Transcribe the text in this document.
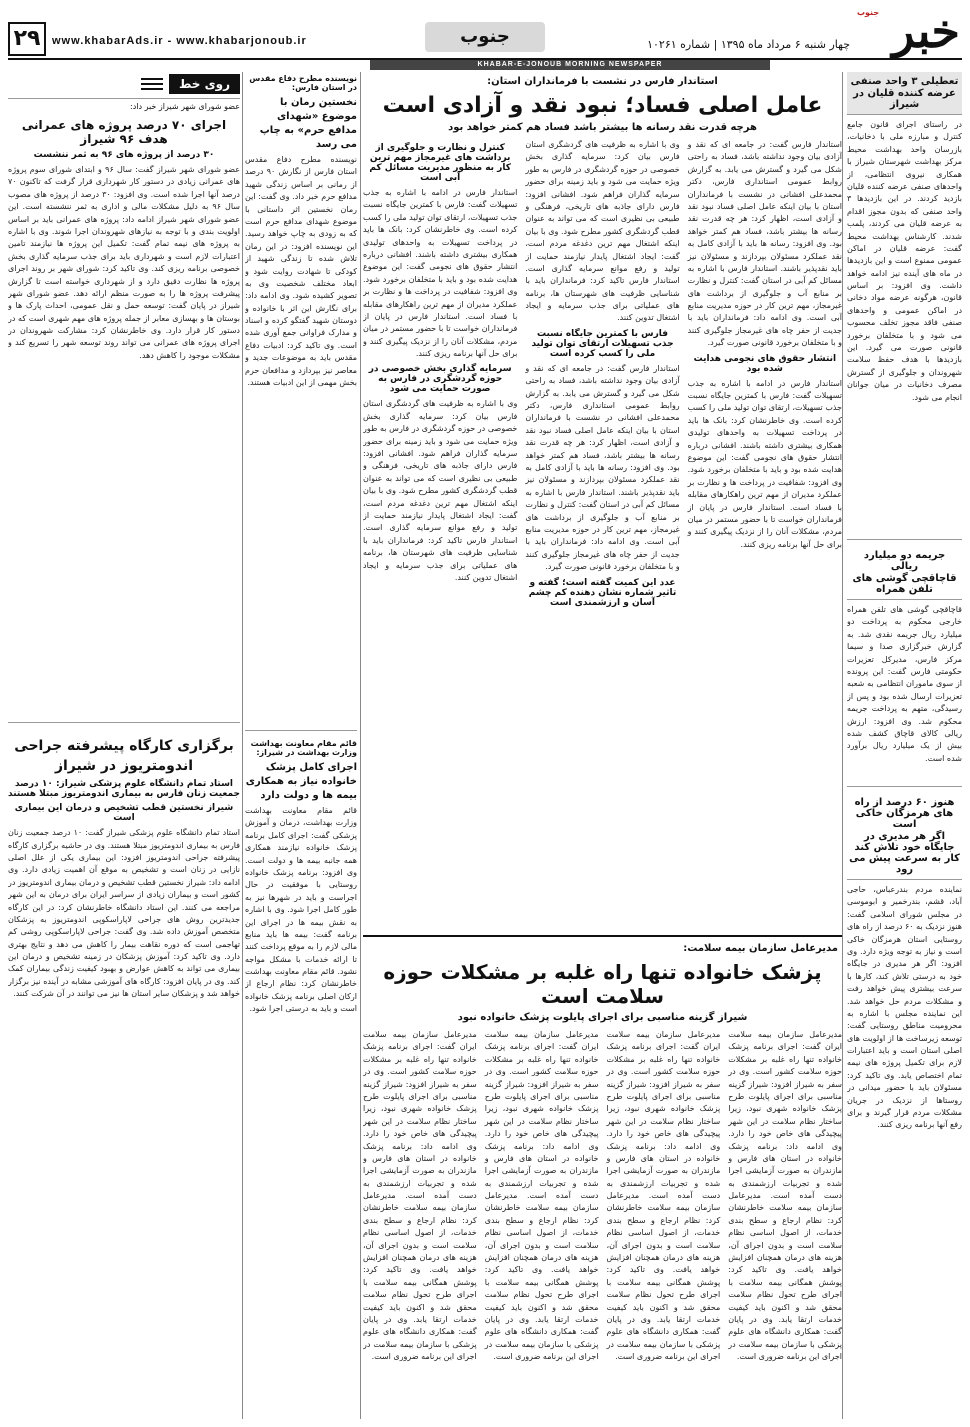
۲۹	www.khabarAds.ir - www.khabarjonoub.ir	جنوب	چهار شنبه ۶ مرداد ماه ۱۳۹۵ | شماره ۱۰۲۶۱ خبر
جنوب
KHABAR-E-JONOUB MORNING NEWSPAPER
تعطیلی ۳ واحد صنفی
عرضه کننده قلیان در شیراز
در راستای اجرای قانون جامع کنترل و مبارزه ملی با دخانیات، بازرسان واحد بهداشت محیط مرکز بهداشت شهرستان شیراز با همکاری نیروی انتظامی، از واحدهای صنفی عرضه کننده قلیان بازدید کردند. در این بازدیدها ۳ واحد صنفی که بدون مجوز اقدام به عرضه قلیان می کردند، پلمب شدند. کارشناس بهداشت محیط گفت: عرضه قلیان در اماکن عمومی ممنوع است و این بازدیدها در ماه های آینده نیز ادامه خواهد داشت. وی افزود: بر اساس قانون، هرگونه عرضه مواد دخانی در اماکن عمومی و واحدهای صنفی فاقد مجوز تخلف محسوب می شود و با متخلفان برخورد قانونی صورت می گیرد. این بازدیدها با هدف حفظ سلامت شهروندان و جلوگیری از گسترش مصرف دخانیات در میان جوانان انجام می شود.
جریمه دو میلیارد ریالی
قاچاقچی گوشی های تلفن همراه
قاچاقچی گوشی های تلفن همراه خارجی محکوم به پرداخت دو میلیارد ریال جریمه نقدی شد. به گزارش خبرگزاری صدا و سیما مرکز فارس، مدیرکل تعزیرات حکومتی فارس گفت: این پرونده از سوی ماموران انتظامی به شعبه تعزیرات ارسال شده بود و پس از رسیدگی، متهم به پرداخت جریمه محکوم شد. وی افزود: ارزش ریالی کالای قاچاق کشف شده بیش از یک میلیارد ریال برآورد شده است.
هنوز ۶۰ درصد از راه های هرمزگان خاکی است
اگر هر مدیری در جایگاه خود تلاش کند کار به سرعت پیش می رود
نماینده مردم بندرعباس، حاجی آباد، قشم، بندرخمیر و ابوموسی در مجلس شورای اسلامی گفت: هنوز نزدیک به ۶۰ درصد از راه های روستایی استان هرمزگان خاکی است و نیاز به توجه ویژه دارد. وی افزود: اگر هر مدیری در جایگاه خود به درستی تلاش کند، کارها با سرعت بیشتری پیش خواهد رفت و مشکلات مردم حل خواهد شد. این نماینده مجلس با اشاره به محرومیت مناطق روستایی گفت: توسعه زیرساخت ها از اولویت های اصلی استان است و باید اعتبارات لازم برای تکمیل پروژه های نیمه تمام اختصاص یابد. وی تاکید کرد: مسئولان باید با حضور میدانی در روستاها از نزدیک در جریان مشکلات مردم قرار گیرند و برای رفع آنها برنامه ریزی کنند.
استاندار فارس در نشست با فرمانداران استان:
عامل اصلی فساد؛ نبود نقد و آزادی است
هرچه قدرت نقد رسانه ها بیشتر باشد فساد هم کمتر خواهد بود
استاندار فارس گفت: در جامعه ای که نقد و آزادی بیان وجود نداشته باشد، فساد به راحتی شکل می گیرد و گسترش می یابد. به گزارش روابط عمومی استانداری فارس، دکتر محمدعلی افشانی در نشست با فرمانداران استان با بیان اینکه عامل اصلی فساد نبود نقد و آزادی است، اظهار کرد: هر چه قدرت نقد رسانه ها بیشتر باشد، فساد هم کمتر خواهد بود. وی افزود: رسانه ها باید با آزادی کامل به نقد عملکرد مسئولان بپردازند و مسئولان نیز باید نقدپذیر باشند. استاندار فارس با اشاره به مسائل کم آبی در استان گفت: کنترل و نظارت بر منابع آب و جلوگیری از برداشت های غیرمجاز، مهم ترین کار در حوزه مدیریت منابع آبی است. وی ادامه داد: فرمانداران باید با جدیت از حفر چاه های غیرمجاز جلوگیری کنند و با متخلفان برخورد قانونی صورت گیرد.
انتشار حقوق های نجومی هدایت شده بود
استاندار فارس در ادامه با اشاره به جذب تسهیلات گفت: فارس با کمترین جایگاه نسبت جذب تسهیلات، ارتقای توان تولید ملی را کسب کرده است. وی خاطرنشان کرد: بانک ها باید در پرداخت تسهیلات به واحدهای تولیدی همکاری بیشتری داشته باشند. افشانی درباره انتشار حقوق های نجومی گفت: این موضوع هدایت شده بود و باید با متخلفان برخورد شود. وی افزود: شفافیت در پرداخت ها و نظارت بر عملکرد مدیران از مهم ترین راهکارهای مقابله با فساد است. استاندار فارس در پایان از فرمانداران خواست تا با حضور مستمر در میان مردم، مشکلات آنان را از نزدیک پیگیری کنند و برای حل آنها برنامه ریزی کنند.
وی با اشاره به ظرفیت های گردشگری استان فارس بیان کرد: سرمایه گذاری بخش خصوصی در حوزه گردشگری در فارس به طور ویژه حمایت می شود و باید زمینه برای حضور سرمایه گذاران فراهم شود. افشانی افزود: فارس دارای جاذبه های تاریخی، فرهنگی و طبیعی بی نظیری است که می تواند به عنوان قطب گردشگری کشور مطرح شود. وی با بیان اینکه اشتغال مهم ترین دغدغه مردم است، گفت: ایجاد اشتغال پایدار نیازمند حمایت از تولید و رفع موانع سرمایه گذاری است. استاندار فارس تاکید کرد: فرمانداران باید با شناسایی ظرفیت های شهرستان ها، برنامه های عملیاتی برای جذب سرمایه و ایجاد اشتغال تدوین کنند.
فارس با کمترین جایگاه نسبت جذب تسهیلات ارتقای توان تولید ملی را کسب کرده است
استاندار فارس گفت: در جامعه ای که نقد و آزادی بیان وجود نداشته باشد، فساد به راحتی شکل می گیرد و گسترش می یابد. به گزارش روابط عمومی استانداری فارس، دکتر محمدعلی افشانی در نشست با فرمانداران استان با بیان اینکه عامل اصلی فساد نبود نقد و آزادی است، اظهار کرد: هر چه قدرت نقد رسانه ها بیشتر باشد، فساد هم کمتر خواهد بود. وی افزود: رسانه ها باید با آزادی کامل به نقد عملکرد مسئولان بپردازند و مسئولان نیز باید نقدپذیر باشند. استاندار فارس با اشاره به مسائل کم آبی در استان گفت: کنترل و نظارت بر منابع آب و جلوگیری از برداشت های غیرمجاز، مهم ترین کار در حوزه مدیریت منابع آبی است. وی ادامه داد: فرمانداران باید با جدیت از حفر چاه های غیرمجاز جلوگیری کنند و با متخلفان برخورد قانونی صورت گیرد.
عدد این کمیت گفته است؛ گفته و تاثیر شماره نشان دهنده کم چشم آسان و ارزشمندی است
کنترل و نظارت و جلوگیری از برداشت های غیرمجاز مهم ترین کار به منظور مدیریت مسائل کم آبی است
استاندار فارس در ادامه با اشاره به جذب تسهیلات گفت: فارس با کمترین جایگاه نسبت جذب تسهیلات، ارتقای توان تولید ملی را کسب کرده است. وی خاطرنشان کرد: بانک ها باید در پرداخت تسهیلات به واحدهای تولیدی همکاری بیشتری داشته باشند. افشانی درباره انتشار حقوق های نجومی گفت: این موضوع هدایت شده بود و باید با متخلفان برخورد شود. وی افزود: شفافیت در پرداخت ها و نظارت بر عملکرد مدیران از مهم ترین راهکارهای مقابله با فساد است. استاندار فارس در پایان از فرمانداران خواست تا با حضور مستمر در میان مردم، مشکلات آنان را از نزدیک پیگیری کنند و برای حل آنها برنامه ریزی کنند.
سرمایه گذاری بخش خصوصی در حوزه گردشگری در فارس به صورت حمایت می شود
وی با اشاره به ظرفیت های گردشگری استان فارس بیان کرد: سرمایه گذاری بخش خصوصی در حوزه گردشگری در فارس به طور ویژه حمایت می شود و باید زمینه برای حضور سرمایه گذاران فراهم شود. افشانی افزود: فارس دارای جاذبه های تاریخی، فرهنگی و طبیعی بی نظیری است که می تواند به عنوان قطب گردشگری کشور مطرح شود. وی با بیان اینکه اشتغال مهم ترین دغدغه مردم است، گفت: ایجاد اشتغال پایدار نیازمند حمایت از تولید و رفع موانع سرمایه گذاری است. استاندار فارس تاکید کرد: فرمانداران باید با شناسایی ظرفیت های شهرستان ها، برنامه های عملیاتی برای جذب سرمایه و ایجاد اشتغال تدوین کنند.
مدیرعامل سازمان بیمه سلامت:
پزشک خانواده تنها راه غلبه بر مشکلات حوزه سلامت است
شیراز گزینه مناسبی برای اجرای پایلوت پزشک خانواده نبود
مدیرعامل سازمان بیمه سلامت ایران گفت: اجرای برنامه پزشک خانواده تنها راه غلبه بر مشکلات حوزه سلامت کشور است. وی در سفر به شیراز افزود: شیراز گزینه مناسبی برای اجرای پایلوت طرح پزشک خانواده شهری نبود، زیرا ساختار نظام سلامت در این شهر پیچیدگی های خاص خود را دارد. وی ادامه داد: برنامه پزشک خانواده در استان های فارس و مازندران به صورت آزمایشی اجرا شده و تجربیات ارزشمندی به دست آمده است. مدیرعامل سازمان بیمه سلامت خاطرنشان کرد: نظام ارجاع و سطح بندی خدمات، از اصول اساسی نظام سلامت است و بدون اجرای آن، هزینه های درمان همچنان افزایش خواهد یافت. وی تاکید کرد: پوشش همگانی بیمه سلامت با اجرای طرح تحول نظام سلامت محقق شد و اکنون باید کیفیت خدمات ارتقا یابد. وی در پایان گفت: همکاری دانشگاه های علوم پزشکی با سازمان بیمه سلامت در اجرای این برنامه ضروری است.
مدیرعامل سازمان بیمه سلامت ایران گفت: اجرای برنامه پزشک خانواده تنها راه غلبه بر مشکلات حوزه سلامت کشور است. وی در سفر به شیراز افزود: شیراز گزینه مناسبی برای اجرای پایلوت طرح پزشک خانواده شهری نبود، زیرا ساختار نظام سلامت در این شهر پیچیدگی های خاص خود را دارد. وی ادامه داد: برنامه پزشک خانواده در استان های فارس و مازندران به صورت آزمایشی اجرا شده و تجربیات ارزشمندی به دست آمده است. مدیرعامل سازمان بیمه سلامت خاطرنشان کرد: نظام ارجاع و سطح بندی خدمات، از اصول اساسی نظام سلامت است و بدون اجرای آن، هزینه های درمان همچنان افزایش خواهد یافت. وی تاکید کرد: پوشش همگانی بیمه سلامت با اجرای طرح تحول نظام سلامت محقق شد و اکنون باید کیفیت خدمات ارتقا یابد. وی در پایان گفت: همکاری دانشگاه های علوم پزشکی با سازمان بیمه سلامت در اجرای این برنامه ضروری است.
مدیرعامل سازمان بیمه سلامت ایران گفت: اجرای برنامه پزشک خانواده تنها راه غلبه بر مشکلات حوزه سلامت کشور است. وی در سفر به شیراز افزود: شیراز گزینه مناسبی برای اجرای پایلوت طرح پزشک خانواده شهری نبود، زیرا ساختار نظام سلامت در این شهر پیچیدگی های خاص خود را دارد. وی ادامه داد: برنامه پزشک خانواده در استان های فارس و مازندران به صورت آزمایشی اجرا شده و تجربیات ارزشمندی به دست آمده است. مدیرعامل سازمان بیمه سلامت خاطرنشان کرد: نظام ارجاع و سطح بندی خدمات، از اصول اساسی نظام سلامت است و بدون اجرای آن، هزینه های درمان همچنان افزایش خواهد یافت. وی تاکید کرد: پوشش همگانی بیمه سلامت با اجرای طرح تحول نظام سلامت محقق شد و اکنون باید کیفیت خدمات ارتقا یابد. وی در پایان گفت: همکاری دانشگاه های علوم پزشکی با سازمان بیمه سلامت در اجرای این برنامه ضروری است.
مدیرعامل سازمان بیمه سلامت ایران گفت: اجرای برنامه پزشک خانواده تنها راه غلبه بر مشکلات حوزه سلامت کشور است. وی در سفر به شیراز افزود: شیراز گزینه مناسبی برای اجرای پایلوت طرح پزشک خانواده شهری نبود، زیرا ساختار نظام سلامت در این شهر پیچیدگی های خاص خود را دارد. وی ادامه داد: برنامه پزشک خانواده در استان های فارس و مازندران به صورت آزمایشی اجرا شده و تجربیات ارزشمندی به دست آمده است. مدیرعامل سازمان بیمه سلامت خاطرنشان کرد: نظام ارجاع و سطح بندی خدمات، از اصول اساسی نظام سلامت است و بدون اجرای آن، هزینه های درمان همچنان افزایش خواهد یافت. وی تاکید کرد: پوشش همگانی بیمه سلامت با اجرای طرح تحول نظام سلامت محقق شد و اکنون باید کیفیت خدمات ارتقا یابد. وی در پایان گفت: همکاری دانشگاه های علوم پزشکی با سازمان بیمه سلامت در اجرای این برنامه ضروری است.
نویسنده مطرح دفاع مقدس در استان فارس:
نخستین رمان با موضوع «شهدای مدافع حرم» به چاپ می رسد
نویسنده مطرح دفاع مقدس استان فارس از نگارش ۹۰ درصد از رمانی بر اساس زندگی شهید مدافع حرم خبر داد. وی گفت: این رمان نخستین اثر داستانی با موضوع شهدای مدافع حرم است که به زودی به چاپ خواهد رسید. این نویسنده افزود: در این رمان تلاش شده تا زندگی شهید از کودکی تا شهادت روایت شود و ابعاد مختلف شخصیت وی به تصویر کشیده شود. وی ادامه داد: برای نگارش این اثر با خانواده و دوستان شهید گفتگو کرده و اسناد و مدارک فراوانی جمع آوری شده است. وی تاکید کرد: ادبیات دفاع مقدس باید به موضوعات جدید و معاصر نیز بپردازد و مدافعان حرم بخش مهمی از این ادبیات هستند.
قائم مقام معاونت بهداشت وزارت بهداشت در شیراز:
اجرای کامل پزشک خانواده نیاز به همکاری بیمه ها و دولت دارد
قائم مقام معاونت بهداشت وزارت بهداشت، درمان و آموزش پزشکی گفت: اجرای کامل برنامه پزشک خانواده نیازمند همکاری همه جانبه بیمه ها و دولت است. وی افزود: برنامه پزشک خانواده روستایی با موفقیت در حال اجراست و باید در شهرها نیز به طور کامل اجرا شود. وی با اشاره به نقش بیمه ها در اجرای این برنامه گفت: بیمه ها باید منابع مالی لازم را به موقع پرداخت کنند تا ارائه خدمات با مشکل مواجه نشود. قائم مقام معاونت بهداشت خاطرنشان کرد: نظام ارجاع از ارکان اصلی برنامه پزشک خانواده است و باید به درستی اجرا شود.
روی خط
عضو شورای شهر شیراز خبر داد:
اجرای ۷۰ درصد پروژه های عمرانی هدف ۹۶ شیراز
۳۰ درصد از پروژه های ۹۶ به ثمر ننشست
عضو شورای شهر شیراز گفت: سال ۹۶ و ابتدای شورای سوم پروژه های عمرانی زیادی در دستور کار شهرداری قرار گرفت که تاکنون ۷۰ درصد آنها اجرا شده است. وی افزود: ۳۰ درصد از پروژه های مصوب سال ۹۶ به دلیل مشکلات مالی و اداری به ثمر ننشسته است. این عضو شورای شهر شیراز ادامه داد: پروژه های عمرانی باید بر اساس اولویت بندی و با توجه به نیازهای شهروندان اجرا شوند. وی با اشاره به پروژه های نیمه تمام گفت: تکمیل این پروژه ها نیازمند تامین اعتبارات لازم است و شهرداری باید برای جذب سرمایه گذاری بخش خصوصی برنامه ریزی کند. وی تاکید کرد: شورای شهر بر روند اجرای پروژه ها نظارت دقیق دارد و از شهرداری خواسته است تا گزارش پیشرفت پروژه ها را به صورت منظم ارائه دهد. عضو شورای شهر شیراز در پایان گفت: توسعه حمل و نقل عمومی، احداث پارک ها و بوستان ها و بهسازی معابر از جمله پروژه های مهم شهری است که در دستور کار قرار دارد. وی خاطرنشان کرد: مشارکت شهروندان در اجرای پروژه های عمرانی می تواند روند توسعه شهر را تسریع کند و مشکلات موجود را کاهش دهد.
برگزاری کارگاه پیشرفته جراحی اندومتریوز در شیراز
استاد تمام دانشگاه علوم پزشکی شیراز: ۱۰ درصد جمعیت زنان فارس به بیماری اندومتریوز مبتلا هستند
شیراز نخستین قطب تشخیص و درمان این بیماری است
استاد تمام دانشگاه علوم پزشکی شیراز گفت: ۱۰ درصد جمعیت زنان فارس به بیماری اندومتریوز مبتلا هستند. وی در حاشیه برگزاری کارگاه پیشرفته جراحی اندومتریوز افزود: این بیماری یکی از علل اصلی نازایی در زنان است و تشخیص به موقع آن اهمیت زیادی دارد. وی ادامه داد: شیراز نخستین قطب تشخیص و درمان بیماری اندومتریوز در کشور است و بیماران زیادی از سراسر ایران برای درمان به این شهر مراجعه می کنند. این استاد دانشگاه خاطرنشان کرد: در این کارگاه جدیدترین روش های جراحی لاپاراسکوپی اندومتریوز به پزشکان متخصص آموزش داده شد. وی گفت: جراحی لاپاراسکوپی روشی کم تهاجمی است که دوره نقاهت بیمار را کاهش می دهد و نتایج بهتری دارد. وی تاکید کرد: آموزش پزشکان در زمینه تشخیص و درمان این بیماری می تواند به کاهش عوارض و بهبود کیفیت زندگی بیماران کمک کند. وی در پایان افزود: کارگاه های آموزشی مشابه در آینده نیز برگزار خواهد شد و پزشکان سایر استان ها نیز می توانند در آن شرکت کنند.
